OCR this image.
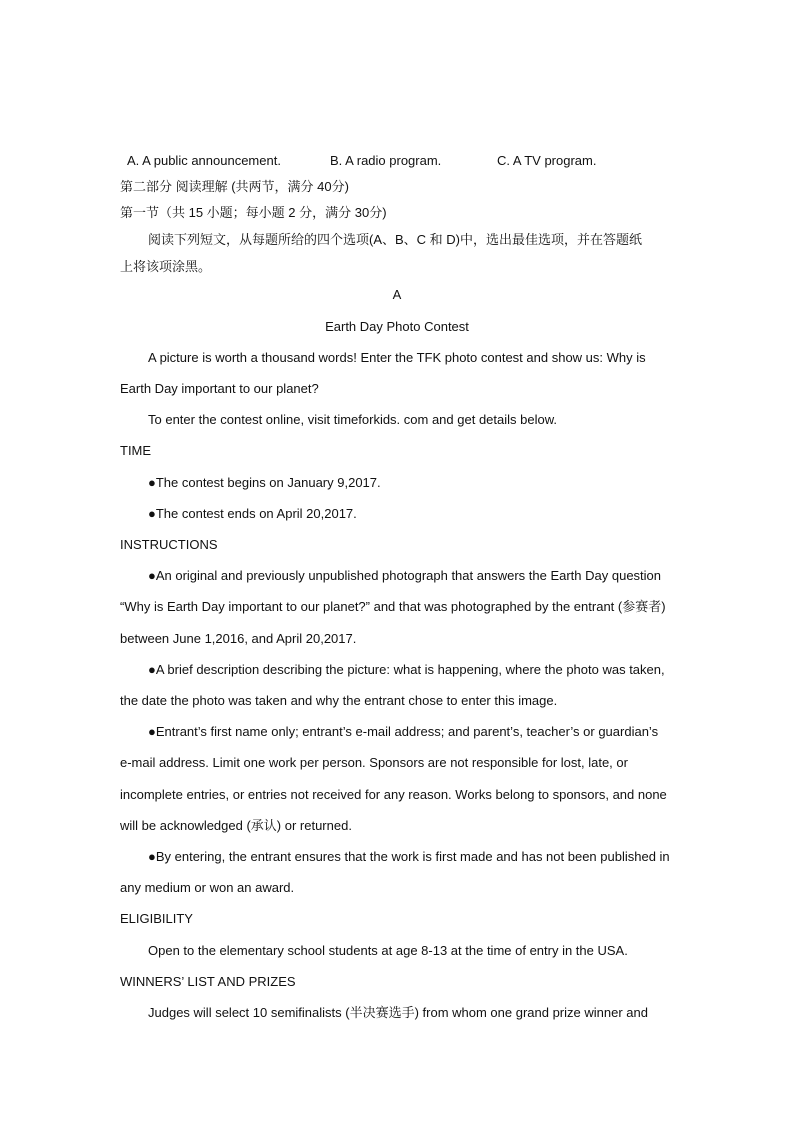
A. A public announcement.	B. A radio program.	C. A TV program.
第二部分 阅读理解 (共两节，满分 40分)
第一节（共 15 小题；每小题 2 分，满分 30分)
阅读下列短文，从每题所给的四个选项(A、B、C 和 D)中，选出最佳选项，并在答题纸
上将该项涂黑。
A
Earth Day Photo Contest
A picture is worth a thousand words! Enter the TFK photo contest and show us: Why is
Earth Day important to our planet?
To enter the contest online, visit timeforkids. com and get details below.
TIME
●The contest begins on January 9,2017.
●The contest ends on April 20,2017.
INSTRUCTIONS
●An original and previously unpublished photograph that answers the Earth Day question
“Why is Earth Day important to our planet?” and that was photographed by the entrant (参赛者)
between June 1,2016, and April 20,2017.
●A brief description describing the picture: what is happening, where the photo was taken,
the date the photo was taken and why the entrant chose to enter this image.
●Entrant’s first name only; entrant’s e-mail address; and parent’s, teacher’s or guardian’s
e-mail address. Limit one work per person. Sponsors are not responsible for lost, late, or
incomplete entries, or entries not received for any reason. Works belong to sponsors, and none
will be acknowledged (承认) or returned.
●By entering, the entrant ensures that the work is first made and has not been published in
any medium or won an award.
ELIGIBILITY
Open to the elementary school students at age 8-13 at the time of entry in the USA.
WINNERS’ LIST AND PRIZES
Judges will select 10 semifinalists (半决赛选手) from whom one grand prize winner and
